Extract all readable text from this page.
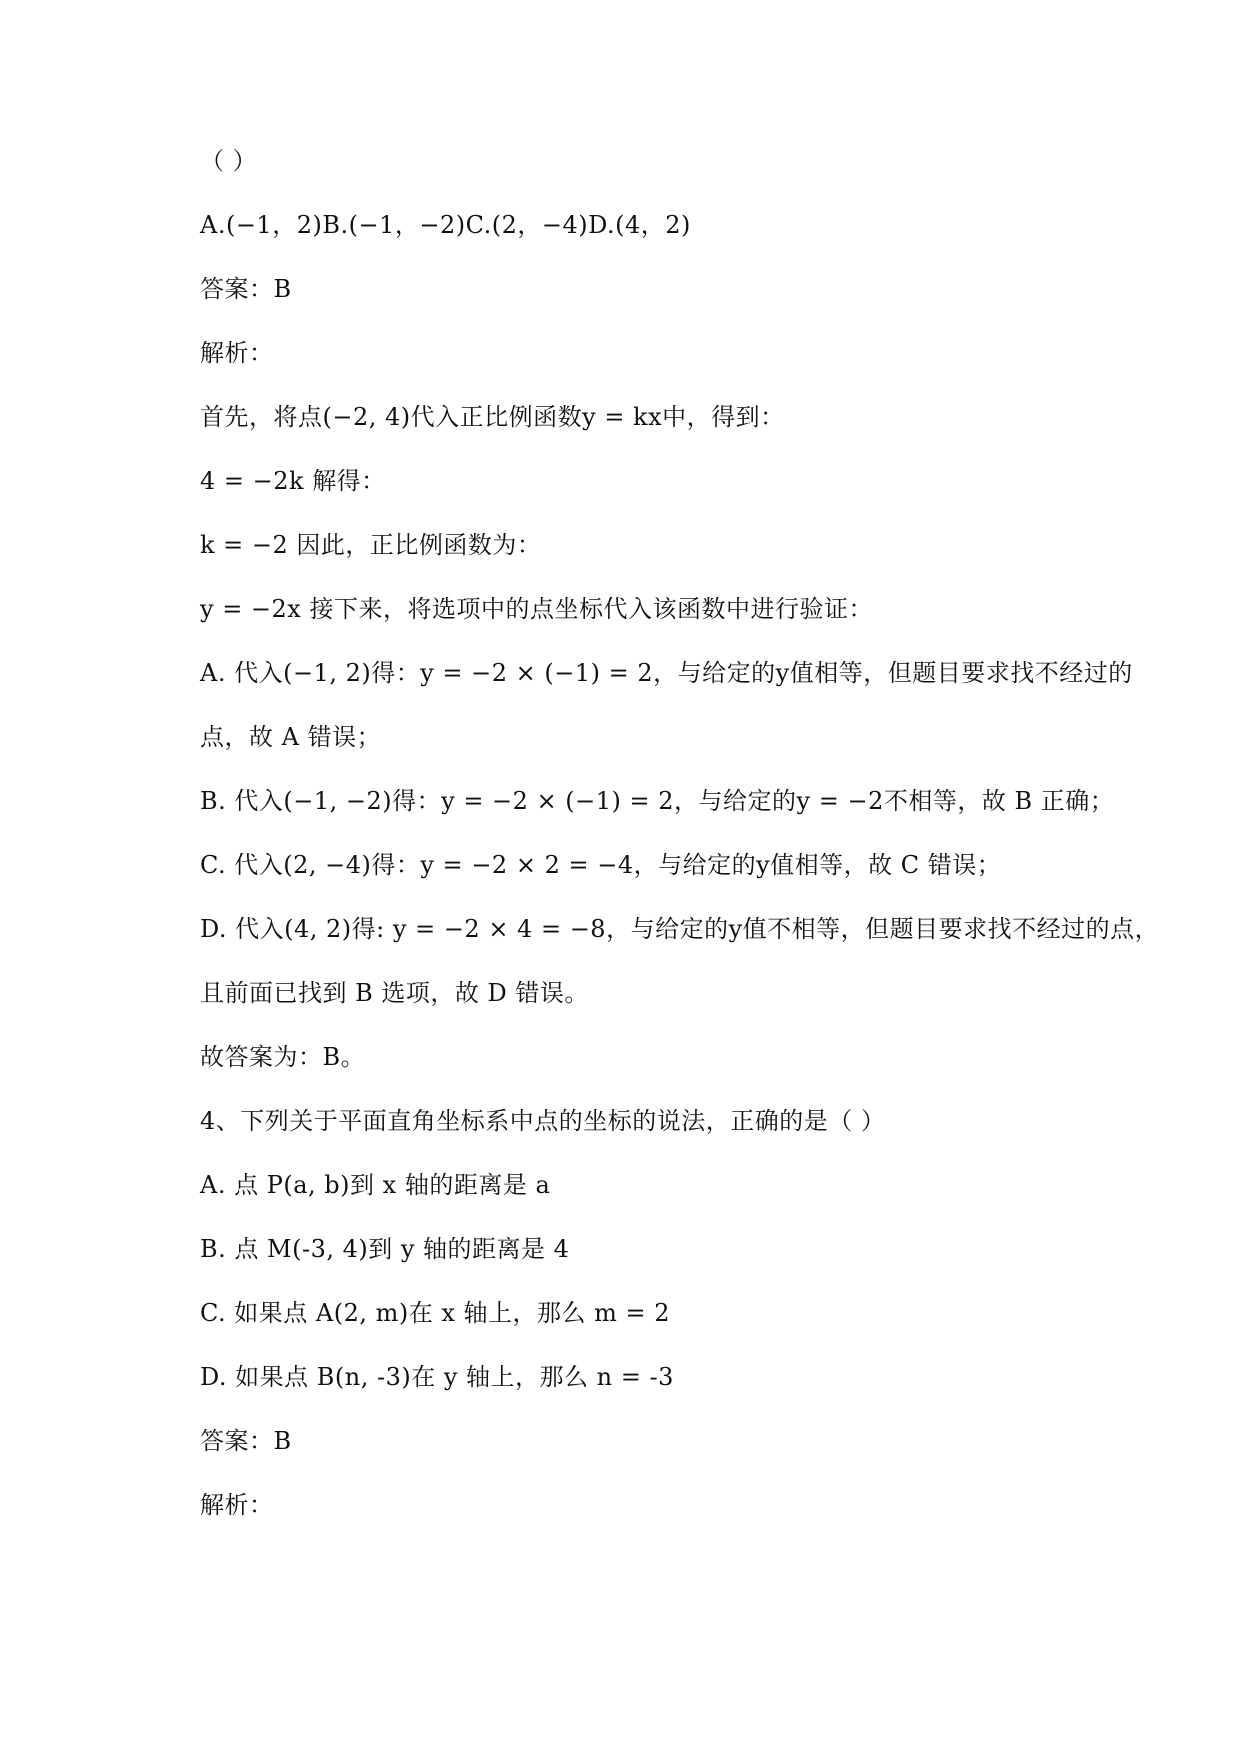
（ ）
A.(−1，2)B.(−1，−2)C.(2，−4)D.(4，2)
答案：B
解析：
首先，将点(−2, 4)代入正比例函数y = kx中，得到：
4 = −2k 解得：
k = −2 因此，正比例函数为：
y = −2x 接下来，将选项中的点坐标代入该函数中进行验证：
A. 代入(−1, 2)得：y = −2 × (−1) = 2，与给定的y值相等，但题目要求找不经过的
点，故 A 错误；
B. 代入(−1, −2)得：y = −2 × (−1) = 2，与给定的y = −2不相等，故 B 正确；
C. 代入(2, −4)得：y = −2 × 2 = −4，与给定的y值相等，故 C 错误；
D. 代入(4, 2)得: y = −2 × 4 = −8，与给定的y值不相等，但题目要求找不经过的点，
且前面已找到 B 选项，故 D 错误。
故答案为：B。
4、下列关于平面直角坐标系中点的坐标的说法，正确的是（ ）
A. 点 P(a, b)到 x 轴的距离是 a
B. 点 M(-3, 4)到 y 轴的距离是 4
C. 如果点 A(2, m)在 x 轴上，那么 m = 2
D. 如果点 B(n, -3)在 y 轴上，那么 n = -3
答案：B
解析：
